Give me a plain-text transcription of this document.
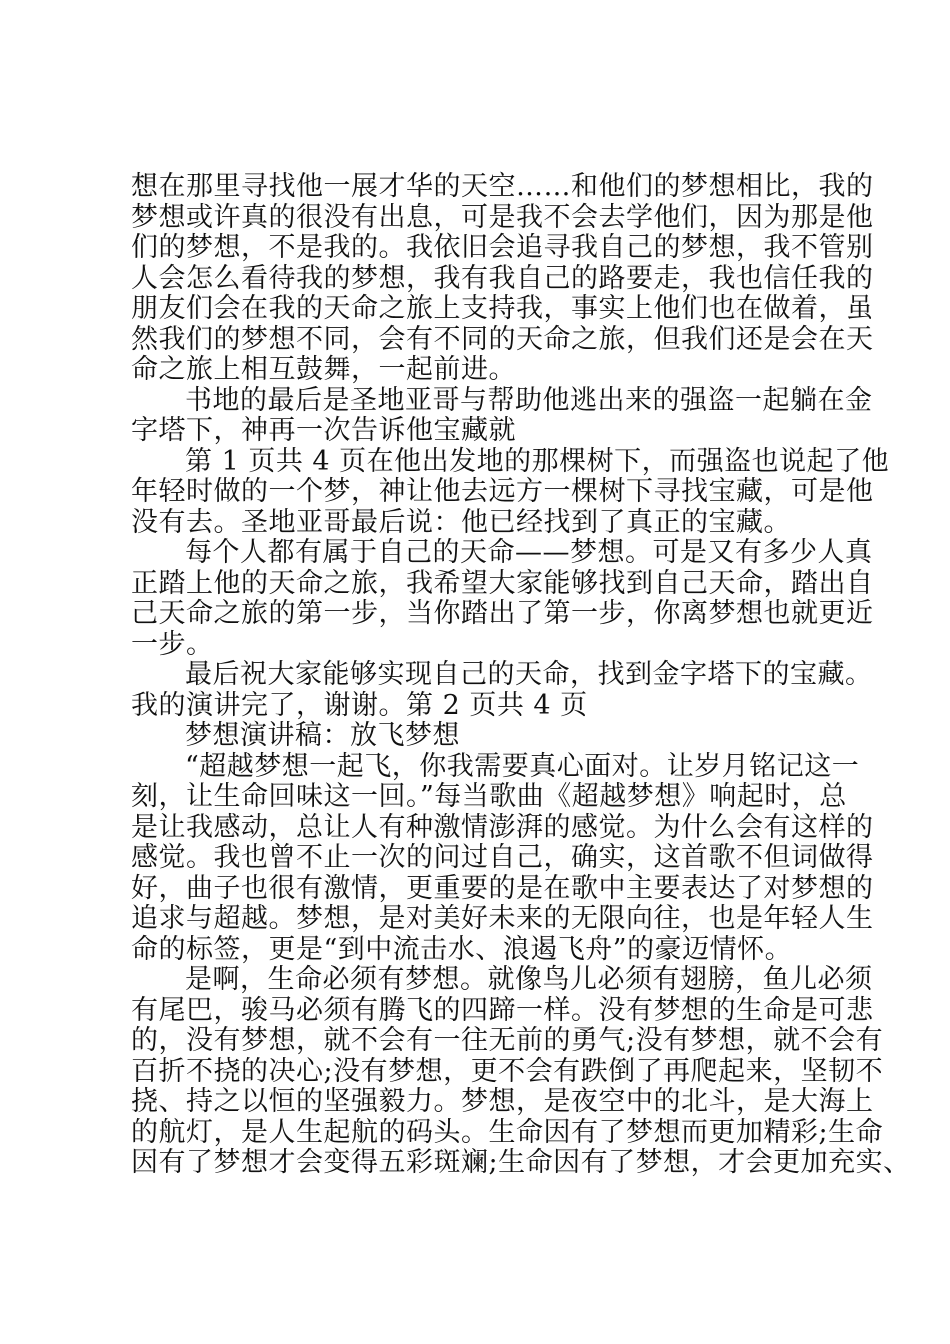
想在那里寻找他一展才华的天空……和他们的梦想相比，我的
梦想或许真的很没有出息，可是我不会去学他们，因为那是他
们的梦想，不是我的。我依旧会追寻我自己的梦想，我不管别
人会怎么看待我的梦想，我有我自己的路要走，我也信任我的
朋友们会在我的天命之旅上支持我，事实上他们也在做着，虽
然我们的梦想不同，会有不同的天命之旅，但我们还是会在天
命之旅上相互鼓舞，一起前进。
书地的最后是圣地亚哥与帮助他逃出来的强盗一起躺在金
字塔下，神再一次告诉他宝藏就
第 1 页共 4 页在他出发地的那棵树下，而强盗也说起了他
年轻时做的一个梦，神让他去远方一棵树下寻找宝藏，可是他
没有去。圣地亚哥最后说：他已经找到了真正的宝藏。
每个人都有属于自己的天命——梦想。可是又有多少人真
正踏上他的天命之旅，我希望大家能够找到自己天命，踏出自
己天命之旅的第一步，当你踏出了第一步，你离梦想也就更近
一步。
最后祝大家能够实现自己的天命，找到金字塔下的宝藏。
我的演讲完了，谢谢。第 2 页共 4 页
梦想演讲稿：放飞梦想
“超越梦想一起飞，你我需要真心面对。让岁月铭记这一
刻，让生命回味这一回。”每当歌曲《超越梦想》响起时，总
是让我感动，总让人有种激情澎湃的感觉。为什么会有这样的
感觉。我也曾不止一次的问过自己，确实，这首歌不但词做得
好，曲子也很有激情，更重要的是在歌中主要表达了对梦想的
追求与超越。梦想，是对美好未来的无限向往，也是年轻人生
命的标签，更是“到中流击水、浪遏飞舟”的豪迈情怀。
是啊，生命必须有梦想。就像鸟儿必须有翅膀，鱼儿必须
有尾巴，骏马必须有腾飞的四蹄一样。没有梦想的生命是可悲
的，没有梦想，就不会有一往无前的勇气;没有梦想，就不会有
百折不挠的决心;没有梦想，更不会有跌倒了再爬起来，坚韧不
挠、持之以恒的坚强毅力。梦想，是夜空中的北斗，是大海上
的航灯，是人生起航的码头。生命因有了梦想而更加精彩;生命
因有了梦想才会变得五彩斑斓;生命因有了梦想，才会更加充实、
